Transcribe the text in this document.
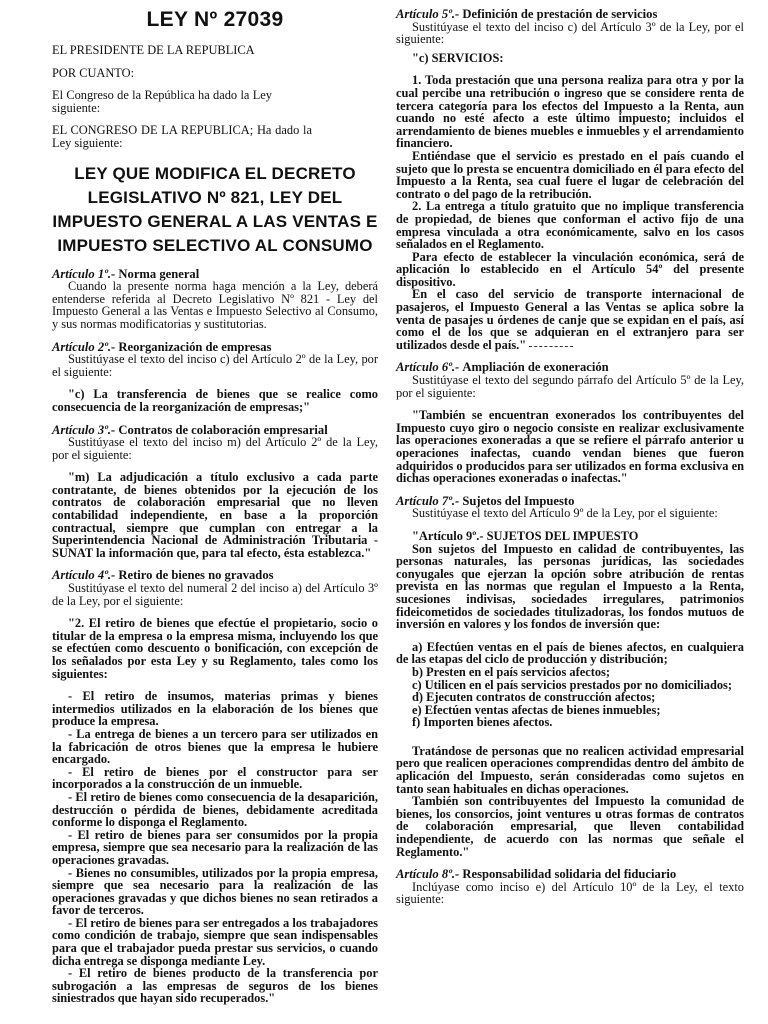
LEY Nº 27039

EL PRESIDENTE DE LA REPUBLICA

POR CUANTO:

El Congreso de la República ha dado la Ley siguiente:

EL CONGRESO DE LA REPUBLICA; Ha dado la Ley siguiente:

LEY QUE MODIFICA EL DECRETO LEGISLATIVO Nº 821, LEY DEL IMPUESTO GENERAL A LAS VENTAS E IMPUESTO SELECTIVO AL CONSUMO

Artículo 1º.- Norma general

Cuando la presente norma haga mención a la Ley, deberá entenderse referida al Decreto Legislativo Nº 821 - Ley del Impuesto General a las Ventas e Impuesto Selectivo al Consumo, y sus normas modificatorias y sustitutorias.

Artículo 2º.- Reorganización de empresas

Sustitúyase el texto del inciso c) del Artículo 2º de la Ley, por el siguiente:

"c) La transferencia de bienes que se realice como consecuencia de la reorganización de empresas;"

Artículo 3º.- Contratos de colaboración empresarial

Sustitúyase el texto del inciso m) del Artículo 2º de la Ley, por el siguiente:

"m) La adjudicación a título exclusivo a cada parte contratante, de bienes obtenidos por la ejecución de los contratos de colaboración empresarial que no lleven contabilidad independiente, en base a la proporción contractual, siempre que cumplan con entregar a la Superintendencia Nacional de Administración Tributaria - SUNAT la información que, para tal efecto, ésta establezca."

Artículo 4º.- Retiro de bienes no gravados

Sustitúyase el texto del numeral 2 del inciso a) del Artículo 3º de la Ley, por el siguiente:

"2. El retiro de bienes que efectúe el propietario, socio o titular de la empresa o la empresa misma, incluyendo los que se efectúen como descuento o bonificación, con excepción de los señalados por esta Ley y su Reglamento, tales como los siguientes:

- El retiro de insumos, materias primas y bienes intermedios utilizados en la elaboración de los bienes que produce la empresa.

- La entrega de bienes a un tercero para ser utilizados en la fabricación de otros bienes que la empresa le hubiere encargado.

- El retiro de bienes por el constructor para ser incorporados a la construcción de un inmueble.

- El retiro de bienes como consecuencia de la desaparición, destrucción o pérdida de bienes, debidamente acreditada conforme lo disponga el Reglamento.

- El retiro de bienes para ser consumidos por la propia empresa, siempre que sea necesario para la realización de las operaciones gravadas.

- Bienes no consumibles, utilizados por la propia empresa, siempre que sea necesario para la realización de las operaciones gravadas y que dichos bienes no sean retirados a favor de terceros.

- El retiro de bienes para ser entregados a los trabajadores como condición de trabajo, siempre que sean indispensables para que el trabajador pueda prestar sus servicios, o cuando dicha entrega se disponga mediante Ley.

- El retiro de bienes producto de la transferencia por subrogación a las empresas de seguros de los bienes siniestrados que hayan sido recuperados."

Artículo 5º.- Definición de prestación de servicios

Sustitúyase el texto del inciso c) del Artículo 3º de la Ley, por el siguiente:

"c) SERVICIOS:

1. Toda prestación que una persona realiza para otra y por la cual percibe una retribución o ingreso que se considere renta de tercera categoría para los efectos del Impuesto a la Renta, aun cuando no esté afecto a este último impuesto; incluidos el arrendamiento de bienes muebles e inmuebles y el arrendamiento financiero.

Entiéndase que el servicio es prestado en el país cuando el sujeto que lo presta se encuentra domiciliado en él para efecto del Impuesto a la Renta, sea cual fuere el lugar de celebración del contrato o del pago de la retribución.

2. La entrega a título gratuito que no implique transferencia de propiedad, de bienes que conforman el activo fijo de una empresa vinculada a otra económicamente, salvo en los casos señalados en el Reglamento.

Para efecto de establecer la vinculación económica, será de aplicación lo establecido en el Artículo 54º del presente dispositivo.

En el caso del servicio de transporte internacional de pasajeros, el Impuesto General a las Ventas se aplica sobre la venta de pasajes u órdenes de canje que se expidan en el país, así como el de los que se adquieran en el extranjero para ser utilizados desde el país."

Artículo 6º.- Ampliación de exoneración

Sustitúyase el texto del segundo párrafo del Artículo 5º de la Ley, por el siguiente:

"También se encuentran exonerados los contribuyentes del Impuesto cuyo giro o negocio consiste en realizar exclusivamente las operaciones exoneradas a que se refiere el párrafo anterior u operaciones inafectas, cuando vendan bienes que fueron adquiridos o producidos para ser utilizados en forma exclusiva en dichas operaciones exoneradas o inafectas."

Artículo 7º.- Sujetos del Impuesto

Sustitúyase el texto del Artículo 9º de la Ley, por el siguiente:

"Artículo 9º.- SUJETOS DEL IMPUESTO

Son sujetos del Impuesto en calidad de contribuyentes, las personas naturales, las personas jurídicas, las sociedades conyugales que ejerzan la opción sobre atribución de rentas prevista en las normas que regulan el Impuesto a la Renta, sucesiones indivisas, sociedades irregulares, patrimonios fideicometidos de sociedades titulizadoras, los fondos mutuos de inversión en valores y los fondos de inversión que:

a) Efectúen ventas en el país de bienes afectos, en cualquiera de las etapas del ciclo de producción y distribución;

b) Presten en el país servicios afectos;

c) Utilicen en el país servicios prestados por no domiciliados;

d) Ejecuten contratos de construcción afectos;

e) Efectúen ventas afectas de bienes inmuebles;

f) Importen bienes afectos.

Tratándose de personas que no realicen actividad empresarial pero que realicen operaciones comprendidas dentro del ámbito de aplicación del Impuesto, serán consideradas como sujetos en tanto sean habituales en dichas operaciones.

También son contribuyentes del Impuesto la comunidad de bienes, los consorcios, joint ventures u otras formas de contratos de colaboración empresarial, que lleven contabilidad independiente, de acuerdo con las normas que señale el Reglamento."

Artículo 8º.- Responsabilidad solidaria del fiduciario

Inclúyase como inciso e) del Artículo 10º de la Ley, el texto siguiente:
